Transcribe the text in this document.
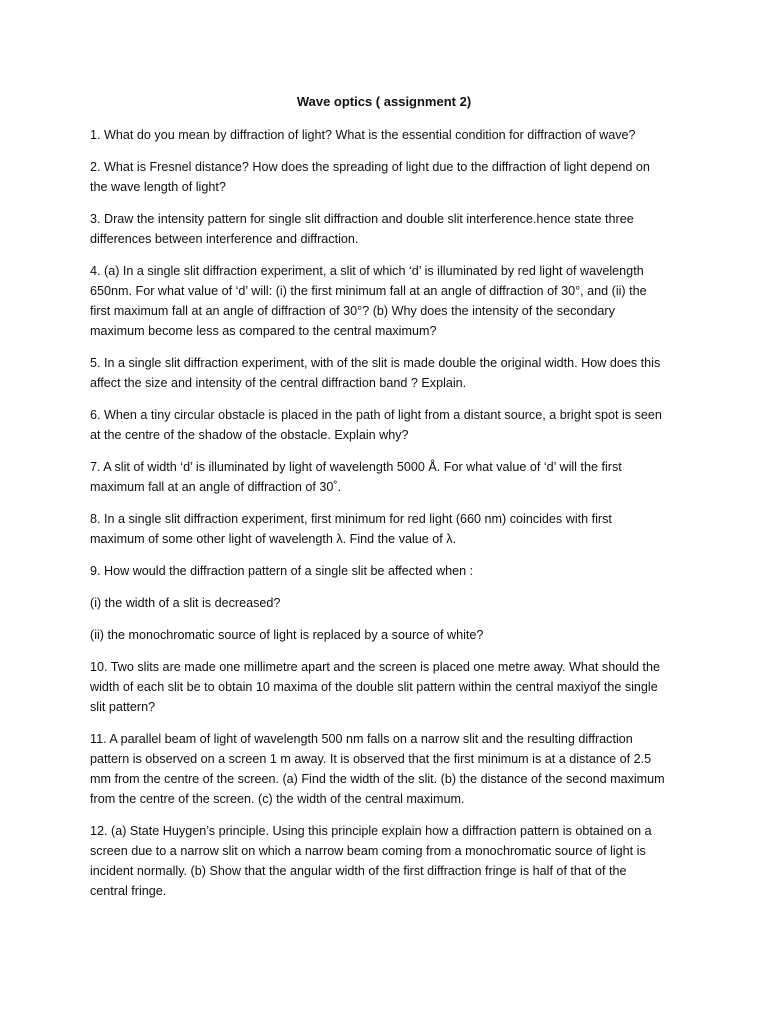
Wave optics ( assignment 2)
1. What do you mean by diffraction of light? What is the essential condition for diffraction of wave?
2. What is Fresnel distance? How does the spreading of light due to the diffraction of light depend on
the wave length of light?
3. Draw the intensity pattern for single slit diffraction and double slit interference.hence state three
differences between interference and diffraction.
4. (a) In a single slit diffraction experiment, a slit of which ‘d’ is illuminated by red light of wavelength
650nm. For what value of ‘d’ will: (i) the first minimum fall at an angle of diffraction of 30°, and (ii) the
first maximum fall at an angle of diffraction of 30°? (b) Why does the intensity of the secondary
maximum become less as compared to the central maximum?
5. In a single slit diffraction experiment, with of the slit is made double the original width. How does this
affect the size and intensity of the central diffraction band ? Explain.
6. When a tiny circular obstacle is placed in the path of light from a distant source, a bright spot is seen
at the centre of the shadow of the obstacle. Explain why?
7. A slit of width ‘d’ is illuminated by light of wavelength 5000 Å. For what value of ‘d’ will the first
maximum fall at an angle of diffraction of 30˚.
8. In a single slit diffraction experiment, first minimum for red light (660 nm) coincides with first
maximum of some other light of wavelength λ. Find the value of λ.
9. How would the diffraction pattern of a single slit be affected when :
(i) the width of a slit is decreased?
(ii) the monochromatic source of light is replaced by a source of white?
10. Two slits are made one millimetre apart and the screen is placed one metre away. What should the
width of each slit be to obtain 10 maxima of the double slit pattern within the central maxiyof the single
slit pattern?
11. A parallel beam of light of wavelength 500 nm falls on a narrow slit and the resulting diffraction
pattern is observed on a screen 1 m away. It is observed that the first minimum is at a distance of 2.5
mm from the centre of the screen. (a) Find the width of the slit. (b) the distance of the second maximum
from the centre of the screen. (c) the width of the central maximum.
12. (a) State Huygen’s principle. Using this principle explain how a diffraction pattern is obtained on a
screen due to a narrow slit on which a narrow beam coming from a monochromatic source of light is
incident normally. (b) Show that the angular width of the first diffraction fringe is half of that of the
central fringe.
